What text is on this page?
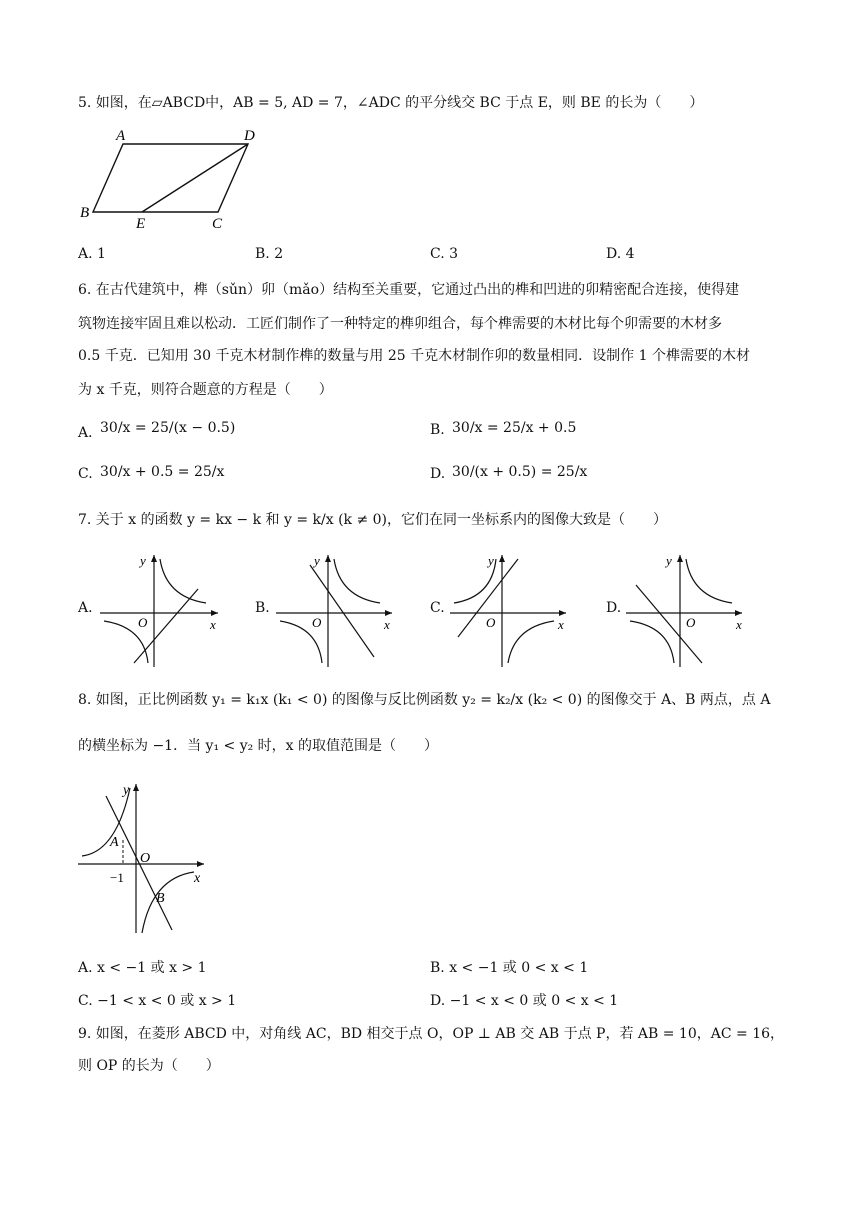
5. 如图，在▱ABCD中，AB = 5, AD = 7，∠ADC 的平分线交 BC 于点 E，则 BE 的长为（　　）
A	D
B
E	C
A. 1	B. 2	C. 3	D. 4
6. 在古代建筑中，榫（sǔn）卯（mǎo）结构至关重要，它通过凸出的榫和凹进的卯精密配合连接，使得建
筑物连接牢固且难以松动．工匠们制作了一种特定的榫卯组合，每个榫需要的木材比每个卯需要的木材多
0.5 千克．已知用 30 千克木材制作榫的数量与用 25 千克木材制作卯的数量相同．设制作 1 个榫需要的木材
为 x 千克，则符合题意的方程是（　　）
A．
30/x = 25/(x − 0.5)	B. 30/x = 25/x + 0.5
C. 30/x + 0.5 = 25/x	D. 30/(x + 0.5) = 25/x
7. 关于 x 的函数 y = kx − k 和 y = k/x (k ≠ 0)，它们在同一坐标系内的图像大致是（　　）
A.
y
x
O
B.
y
x
O
C.
y
x
O
D.
y
x
O
8. 如图，正比例函数 y₁ = k₁x (k₁ < 0) 的图像与反比例函数 y₂ = k₂/x (k₂ < 0) 的图像交于 A、B 两点，点 A
的横坐标为 −1．当 y₁ < y₂ 时，x 的取值范围是（　　）
y
x
A
B
O
−1
A. x < −1 或 x > 1	B. x < −1 或 0 < x < 1
C. −1 < x < 0 或 x > 1	D. −1 < x < 0 或 0 < x < 1
9. 如图，在菱形 ABCD 中，对角线 AC，BD 相交于点 O，OP ⊥ AB 交 AB 于点 P，若 AB = 10，AC = 16，
则 OP 的长为（　　）
